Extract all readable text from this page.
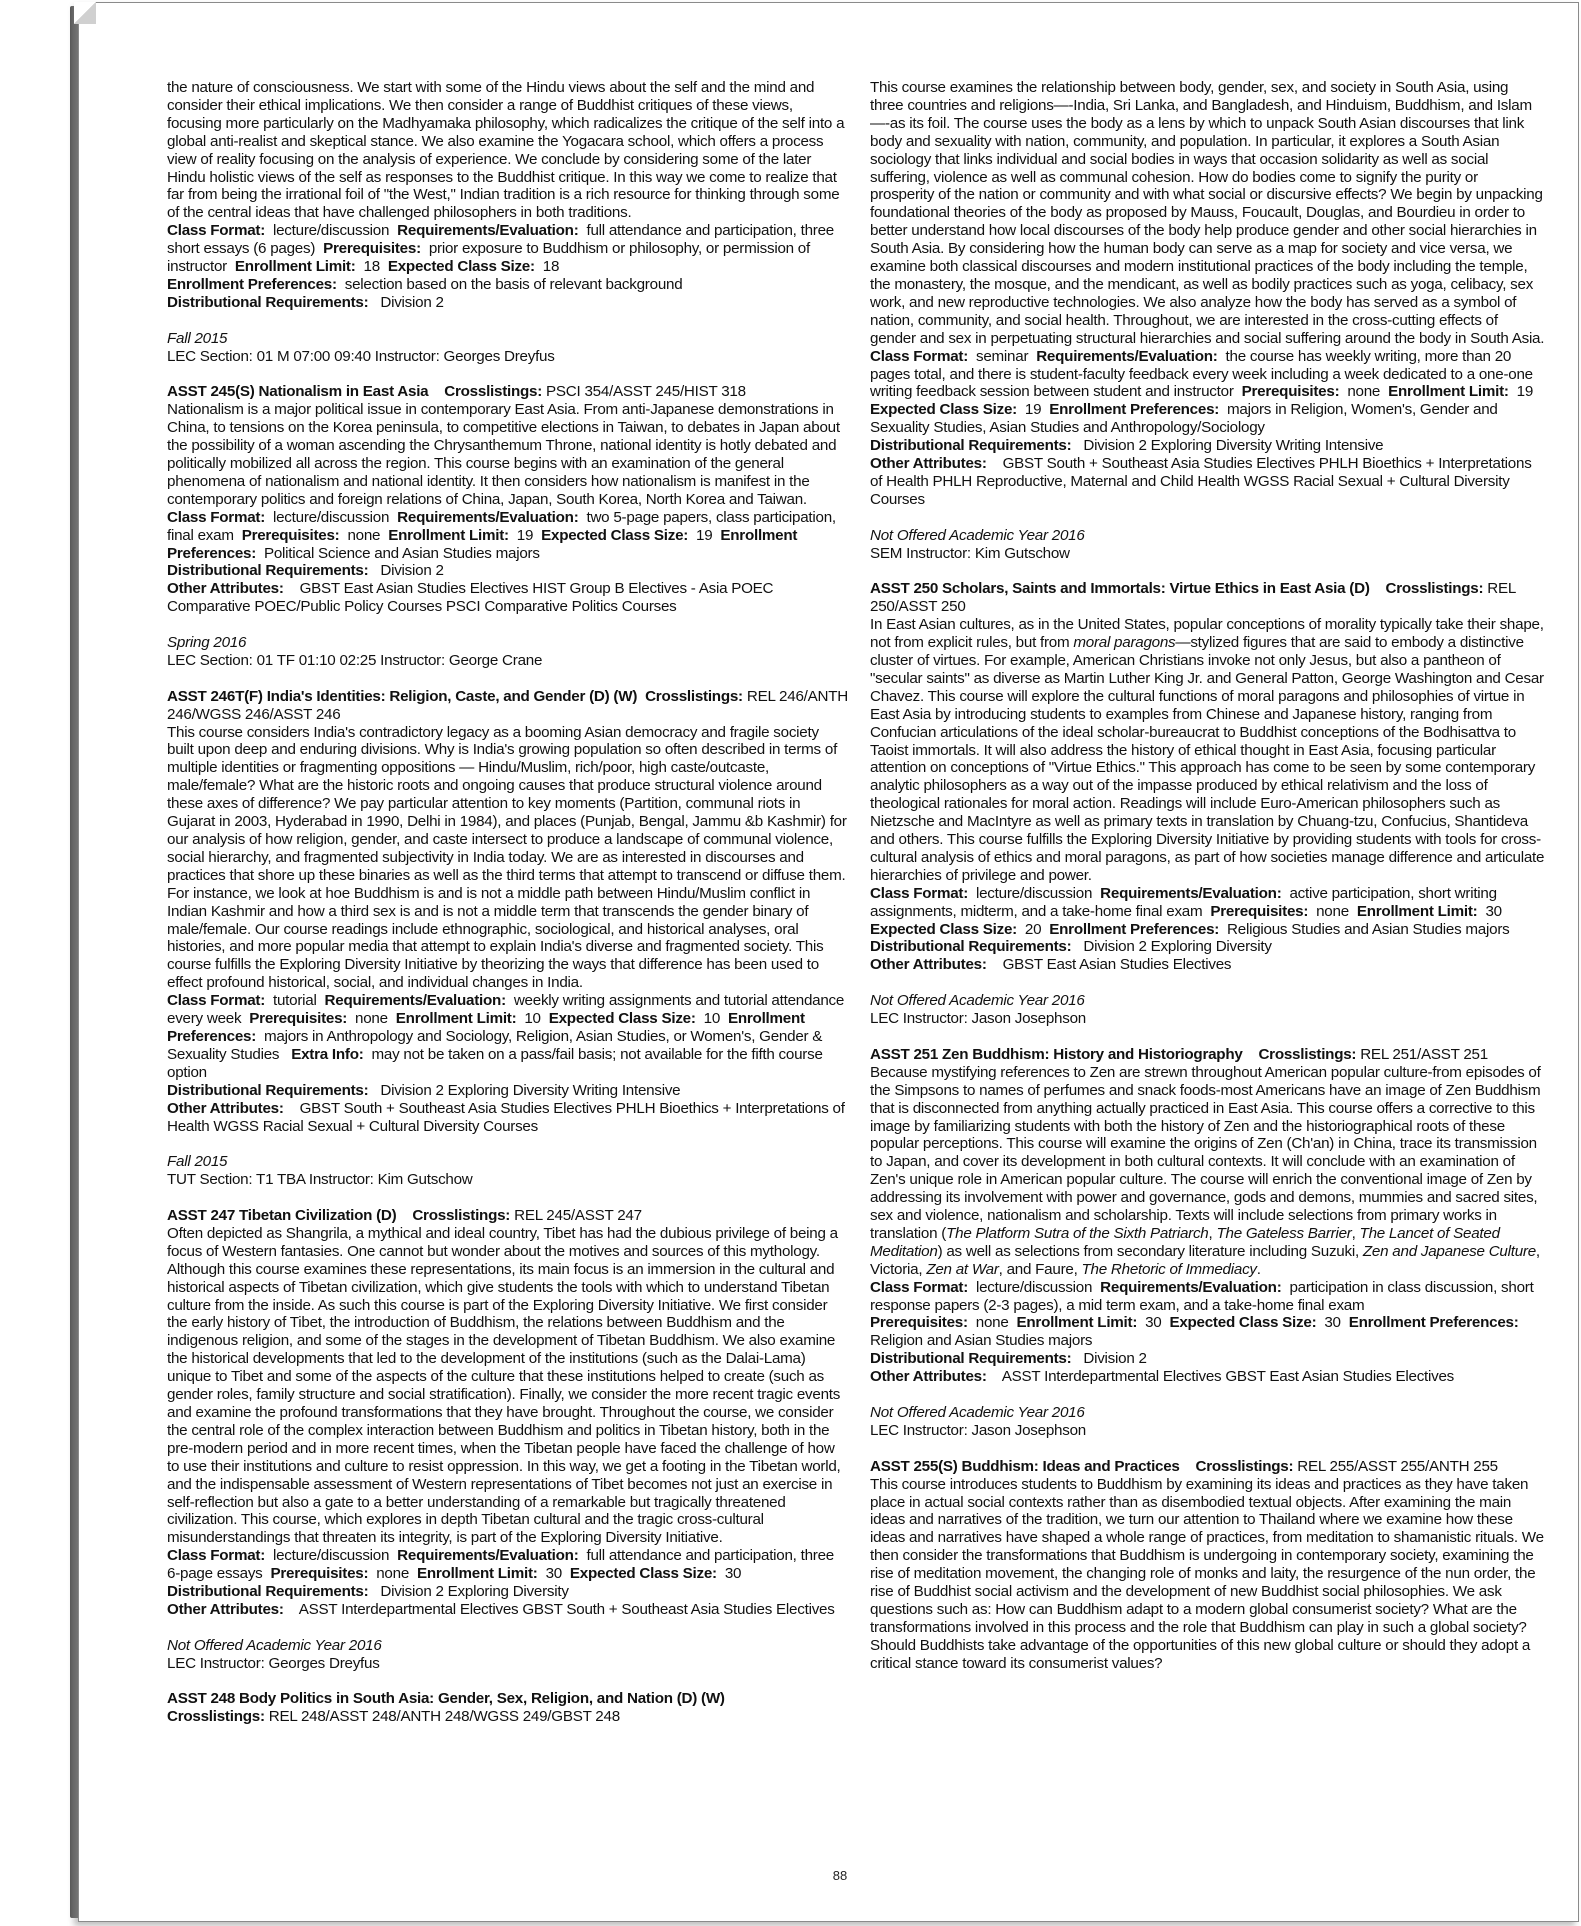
the nature of consciousness. We start with some of the Hindu views about the self and the mind and consider their ethical implications. We then consider a range of Buddhist critiques of these views, focusing more particularly on the Madhyamaka philosophy, which radicalizes the critique of the self into a global anti-realist and skeptical stance. We also examine the Yogacara school, which offers a process view of reality focusing on the analysis of experience. We conclude by considering some of the later Hindu holistic views of the self as responses to the Buddhist critique. In this way we come to realize that far from being the irrational foil of "the West," Indian tradition is a rich resource for thinking through some of the central ideas that have challenged philosophers in both traditions.

Class Format: lecture/discussion Requirements/Evaluation: full attendance and participation, three short essays (6 pages) Prerequisites: prior exposure to Buddhism or philosophy, or permission of instructor Enrollment Limit: 18 Expected Class Size: 18
Enrollment Preferences: selection based on the basis of relevant background
Distributional Requirements: Division 2

Fall 2015

LEC Section: 01 M 07:00 09:40 Instructor: Georges Dreyfus

ASST 245(S) Nationalism in East Asia Crosslistings: PSCI 354/ASST 245/HIST 318
Nationalism is a major political issue in contemporary East Asia. From anti-Japanese demonstrations in China, to tensions on the Korea peninsula, to competitive elections in Taiwan, to debates in Japan about the possibility of a woman ascending the Chrysanthemum Throne, national identity is hotly debated and politically mobilized all across the region. This course begins with an examination of the general phenomena of nationalism and national identity. It then considers how nationalism is manifest in the contemporary politics and foreign relations of China, Japan, South Korea, North Korea and Taiwan.
Class Format: lecture/discussion Requirements/Evaluation: two 5-page papers, class participation, final exam Prerequisites: none Enrollment Limit: 19 Expected Class Size: 19 Enrollment Preferences: Political Science and Asian Studies majors
Distributional Requirements: Division 2
Other Attributes: GBST East Asian Studies Electives HIST Group B Electives - Asia POEC Comparative POEC/Public Policy Courses PSCI Comparative Politics Courses

Spring 2016

LEC Section: 01 TF 01:10 02:25 Instructor: George Crane

ASST 246T(F) India's Identities: Religion, Caste, and Gender (D) (W) Crosslistings: REL 246/ANTH 246/WGSS 246/ASST 246
This course considers India's contradictory legacy as a booming Asian democracy and fragile society built upon deep and enduring divisions. Why is India's growing population so often described in terms of multiple identities or fragmenting oppositions — Hindu/Muslim, rich/poor, high caste/outcaste, male/female? What are the historic roots and ongoing causes that produce structural violence around these axes of difference? We pay particular attention to key moments (Partition, communal riots in Gujarat in 2003, Hyderabad in 1990, Delhi in 1984), and places (Punjab, Bengal, Jammu &b Kashmir) for our analysis of how religion, gender, and caste intersect to produce a landscape of communal violence, social hierarchy, and fragmented subjectivity in India today. We are as interested in discourses and practices that shore up these binaries as well as the third terms that attempt to transcend or diffuse them. For instance, we look at hoe Buddhism is and is not a middle path between Hindu/Muslim conflict in Indian Kashmir and how a third sex is and is not a middle term that transcends the gender binary of male/female. Our course readings include ethnographic, sociological, and historical analyses, oral histories, and more popular media that attempt to explain India's diverse and fragmented society. This course fulfills the Exploring Diversity Initiative by theorizing the ways that difference has been used to effect profound historical, social, and individual changes in India.
Class Format: tutorial Requirements/Evaluation: weekly writing assignments and tutorial attendance every week Prerequisites: none Enrollment Limit: 10 Expected Class Size: 10 Enrollment Preferences: majors in Anthropology and Sociology, Religion, Asian Studies, or Women's, Gender & Sexuality Studies Extra Info: may not be taken on a pass/fail basis; not available for the fifth course option
Distributional Requirements: Division 2 Exploring Diversity Writing Intensive
Other Attributes: GBST South + Southeast Asia Studies Electives PHLH Bioethics + Interpretations of Health WGSS Racial Sexual + Cultural Diversity Courses

Fall 2015

TUT Section: T1 TBA Instructor: Kim Gutschow

ASST 247 Tibetan Civilization (D) Crosslistings: REL 245/ASST 247
Often depicted as Shangrila, a mythical and ideal country, Tibet has had the dubious privilege of being a focus of Western fantasies. One cannot but wonder about the motives and sources of this mythology. Although this course examines these representations, its main focus is an immersion in the cultural and historical aspects of Tibetan civilization, which give students the tools with which to understand Tibetan culture from the inside. As such this course is part of the Exploring Diversity Initiative. We first consider the early history of Tibet, the introduction of Buddhism, the relations between Buddhism and the indigenous religion, and some of the stages in the development of Tibetan Buddhism. We also examine the historical developments that led to the development of the institutions (such as the Dalai-Lama) unique to Tibet and some of the aspects of the culture that these institutions helped to create (such as gender roles, family structure and social stratification). Finally, we consider the more recent tragic events and examine the profound transformations that they have brought. Throughout the course, we consider the central role of the complex interaction between Buddhism and politics in Tibetan history, both in the pre-modern period and in more recent times, when the Tibetan people have faced the challenge of how to use their institutions and culture to resist oppression. In this way, we get a footing in the Tibetan world, and the indispensable assessment of Western representations of Tibet becomes not just an exercise in self-reflection but also a gate to a better understanding of a remarkable but tragically threatened civilization. This course, which explores in depth Tibetan cultural and the tragic cross-cultural misunderstandings that threaten its integrity, is part of the Exploring Diversity Initiative.
Class Format: lecture/discussion Requirements/Evaluation: full attendance and participation, three 6-page essays Prerequisites: none Enrollment Limit: 30 Expected Class Size: 30
Distributional Requirements: Division 2 Exploring Diversity
Other Attributes: ASST Interdepartmental Electives GBST South + Southeast Asia Studies Electives

Not Offered Academic Year 2016

LEC Instructor: Georges Dreyfus

ASST 248 Body Politics in South Asia: Gender, Sex, Religion, and Nation (D) (W)
Crosslistings: REL 248/ASST 248/ANTH 248/WGSS 249/GBST 248

This course examines the relationship between body, gender, sex, and society in South Asia, using three countries and religions—-India, Sri Lanka, and Bangladesh, and Hinduism, Buddhism, and Islam—-as its foil. The course uses the body as a lens by which to unpack South Asian discourses that link body and sexuality with nation, community, and population. In particular, it explores a South Asian sociology that links individual and social bodies in ways that occasion solidarity as well as social suffering, violence as well as communal cohesion. How do bodies come to signify the purity or prosperity of the nation or community and with what social or discursive effects? We begin by unpacking foundational theories of the body as proposed by Mauss, Foucault, Douglas, and Bourdieu in order to better understand how local discourses of the body help produce gender and other social hierarchies in South Asia. By considering how the human body can serve as a map for society and vice versa, we examine both classical discourses and modern institutional practices of the body including the temple, the monastery, the mosque, and the mendicant, as well as bodily practices such as yoga, celibacy, sex work, and new reproductive technologies. We also analyze how the body has served as a symbol of nation, community, and social health. Throughout, we are interested in the cross-cutting effects of gender and sex in perpetuating structural hierarchies and social suffering around the body in South Asia.
Class Format: seminar Requirements/Evaluation: the course has weekly writing, more than 20 pages total, and there is student-faculty feedback every week including a week dedicated to a one-one writing feedback session between student and instructor Prerequisites: none Enrollment Limit: 19  Expected Class Size: 19 Enrollment Preferences: majors in Religion, Women's, Gender and Sexuality Studies, Asian Studies and Anthropology/Sociology
Distributional Requirements: Division 2 Exploring Diversity Writing Intensive
Other Attributes: GBST South + Southeast Asia Studies Electives PHLH Bioethics + Interpretations of Health PHLH Reproductive, Maternal and Child Health WGSS Racial Sexual + Cultural Diversity Courses

Not Offered Academic Year 2016

SEM Instructor: Kim Gutschow

ASST 250 Scholars, Saints and Immortals: Virtue Ethics in East Asia (D) Crosslistings: REL 250/ASST 250
In East Asian cultures, as in the United States, popular conceptions of morality typically take their shape, not from explicit rules, but from moral paragons—stylized figures that are said to embody a distinctive cluster of virtues. For example, American Christians invoke not only Jesus, but also a pantheon of "secular saints" as diverse as Martin Luther King Jr. and General Patton, George Washington and Cesar Chavez. This course will explore the cultural functions of moral paragons and philosophies of virtue in East Asia by introducing students to examples from Chinese and Japanese history, ranging from Confucian articulations of the ideal scholar-bureaucrat to Buddhist conceptions of the Bodhisattva to Taoist immortals. It will also address the history of ethical thought in East Asia, focusing particular attention on conceptions of "Virtue Ethics." This approach has come to be seen by some contemporary analytic philosophers as a way out of the impasse produced by ethical relativism and the loss of theological rationales for moral action. Readings will include Euro-American philosophers such as Nietzsche and MacIntyre as well as primary texts in translation by Chuang-tzu, Confucius, Shantideva and others. This course fulfills the Exploring Diversity Initiative by providing students with tools for cross-cultural analysis of ethics and moral paragons, as part of how societies manage difference and articulate hierarchies of privilege and power.
Class Format: lecture/discussion Requirements/Evaluation: active participation, short writing assignments, midterm, and a take-home final exam Prerequisites: none Enrollment Limit: 30  Expected Class Size: 20 Enrollment Preferences: Religious Studies and Asian Studies majors
Distributional Requirements: Division 2 Exploring Diversity
Other Attributes: GBST East Asian Studies Electives

Not Offered Academic Year 2016

LEC Instructor: Jason Josephson

ASST 251 Zen Buddhism: History and Historiography Crosslistings: REL 251/ASST 251
Because mystifying references to Zen are strewn throughout American popular culture-from episodes of the Simpsons to names of perfumes and snack foods-most Americans have an image of Zen Buddhism that is disconnected from anything actually practiced in East Asia. This course offers a corrective to this image by familiarizing students with both the history of Zen and the historiographical roots of these popular perceptions. This course will examine the origins of Zen (Ch'an) in China, trace its transmission to Japan, and cover its development in both cultural contexts. It will conclude with an examination of Zen's unique role in American popular culture. The course will enrich the conventional image of Zen by addressing its involvement with power and governance, gods and demons, mummies and sacred sites, sex and violence, nationalism and scholarship. Texts will include selections from primary works in translation (The Platform Sutra of the Sixth Patriarch, The Gateless Barrier, The Lancet of Seated Meditation) as well as selections from secondary literature including Suzuki, Zen and Japanese Culture, Victoria, Zen at War, and Faure, The Rhetoric of Immediacy.
Class Format: lecture/discussion Requirements/Evaluation: participation in class discussion, short response papers (2-3 pages), a mid term exam, and a take-home final exam
Prerequisites: none Enrollment Limit: 30 Expected Class Size: 30 Enrollment Preferences:  Religion and Asian Studies majors
Distributional Requirements: Division 2
Other Attributes: ASST Interdepartmental Electives GBST East Asian Studies Electives

Not Offered Academic Year 2016

LEC Instructor: Jason Josephson

ASST 255(S) Buddhism: Ideas and Practices Crosslistings: REL 255/ASST 255/ANTH 255
This course introduces students to Buddhism by examining its ideas and practices as they have taken place in actual social contexts rather than as disembodied textual objects. After examining the main ideas and narratives of the tradition, we turn our attention to Thailand where we examine how these ideas and narratives have shaped a whole range of practices, from meditation to shamanistic rituals. We then consider the transformations that Buddhism is undergoing in contemporary society, examining the rise of meditation movement, the changing role of monks and laity, the resurgence of the nun order, the rise of Buddhist social activism and the development of new Buddhist social philosophies. We ask questions such as: How can Buddhism adapt to a modern global consumerist society? What are the transformations involved in this process and the role that Buddhism can play in such a global society? Should Buddhists take advantage of the opportunities of this new global culture or should they adopt a critical stance toward its consumerist values?

88
